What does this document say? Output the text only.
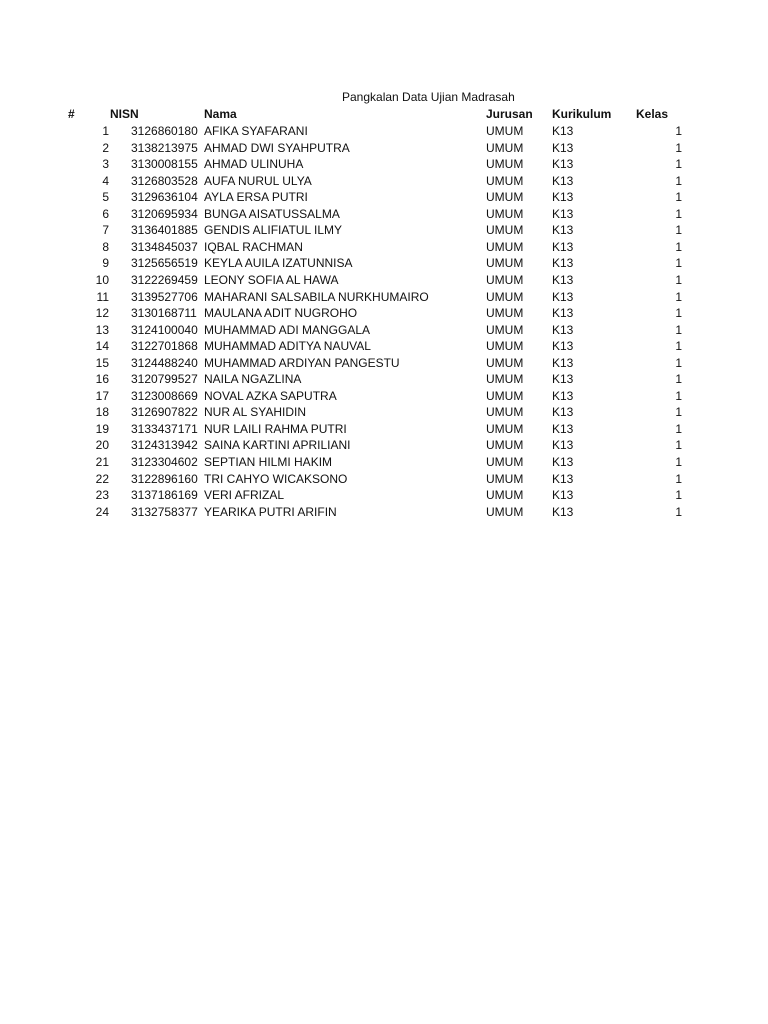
Pangkalan Data Ujian Madrasah
#	NISN	Nama	Jurusan Kurikulum Kelas
1 3126860180 AFIKA SYAFARANI	UMUM K13	1
2 3138213975 AHMAD DWI SYAHPUTRA	UMUM K13	1
3 3130008155 AHMAD ULINUHA	UMUM K13	1
4 3126803528 AUFA NURUL ULYA	UMUM K13	1
5 3129636104 AYLA ERSA PUTRI	UMUM K13	1
6 3120695934 BUNGA AISATUSSALMA	UMUM K13	1
7 3136401885 GENDIS ALIFIATUL ILMY	UMUM K13	1
8 3134845037 IQBAL RACHMAN	UMUM K13	1
9 3125656519 KEYLA AUILA IZATUNNISA	UMUM K13	1
10 3122269459 LEONY SOFIA AL HAWA	UMUM K13	1
11 3139527706 MAHARANI SALSABILA NURKHUMAIRO	UMUM K13	1
12 3130168711 MAULANA ADIT NUGROHO	UMUM K13	1
13 3124100040 MUHAMMAD ADI MANGGALA	UMUM K13	1
14 3122701868 MUHAMMAD ADITYA NAUVAL	UMUM K13	1
15 3124488240 MUHAMMAD ARDIYAN PANGESTU	UMUM K13	1
16 3120799527 NAILA NGAZLINA	UMUM K13	1
17 3123008669 NOVAL AZKA SAPUTRA	UMUM K13	1
18 3126907822 NUR AL SYAHIDIN	UMUM K13	1
19 3133437171 NUR LAILI RAHMA PUTRI	UMUM K13	1
20 3124313942 SAINA KARTINI APRILIANI	UMUM K13	1
21 3123304602 SEPTIAN HILMI HAKIM	UMUM K13	1
22 3122896160 TRI CAHYO WICAKSONO	UMUM K13	1
23 3137186169 VERI AFRIZAL	UMUM K13	1
24 3132758377 YEARIKA PUTRI ARIFIN	UMUM K13	1
